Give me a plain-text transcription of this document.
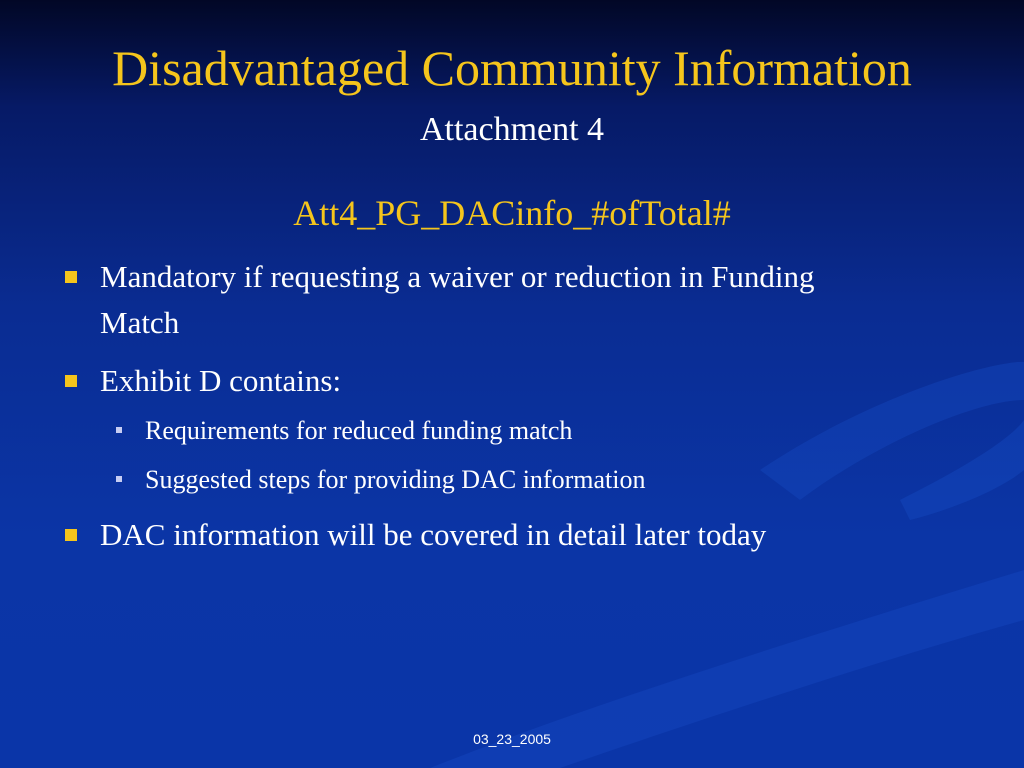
Disadvantaged Community Information
Attachment 4
Att4_PG_DACinfo_#ofTotal#
Mandatory if requesting a waiver or reduction in Funding Match
Exhibit D contains:
Requirements for reduced funding match
Suggested steps for providing DAC information
DAC information will be covered in detail later today
03_23_2005
